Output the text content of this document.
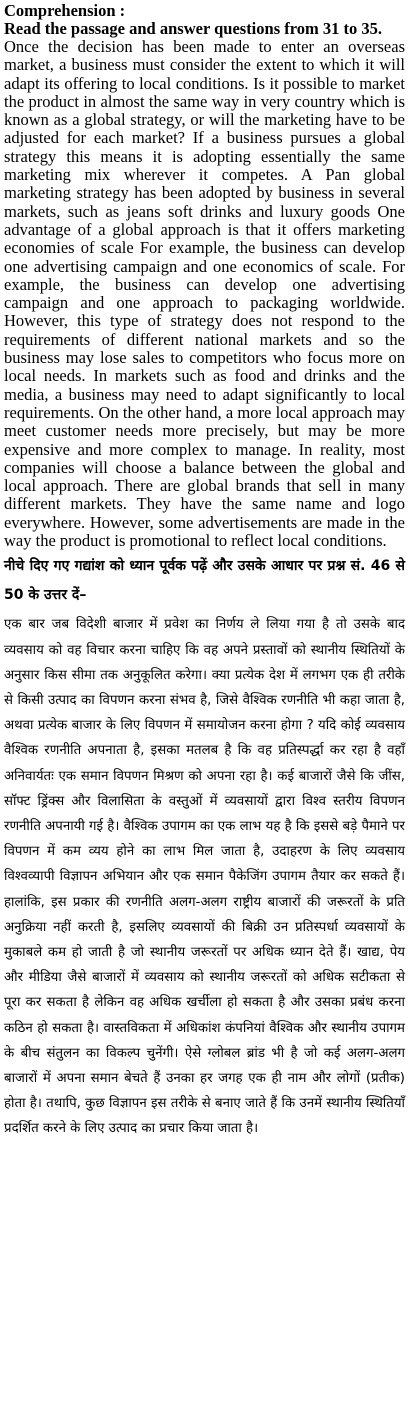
Comprehension :

Read the passage and answer questions from 31 to 35.

Once the decision has been made to enter an overseas market, a business must consider the extent to which it will adapt its offering to local conditions. Is it possible to market the product in almost the same way in very country which is known as a global strategy, or will the marketing have to be adjusted for each market? If a business pursues a global strategy this means it is adopting essentially the same marketing mix wherever it competes. A Pan global marketing strategy has been adopted by business in several markets, such as jeans soft drinks and luxury goods One advantage of a global approach is that it offers marketing economies of scale For example, the business can develop one advertising campaign and one economics of scale. For example, the business can develop one advertising campaign and one approach to packaging worldwide. However, this type of strategy does not respond to the requirements of different national markets and so the business may lose sales to competitors who focus more on local needs. In markets such as food and drinks and the media, a business may need to adapt significantly to local requirements. On the other hand, a more local approach may meet customer needs more precisely, but may be more expensive and more complex to manage. In reality, most companies will choose a balance between the global and local approach. There are global brands that sell in many different markets. They have the same name and logo everywhere. However, some advertisements are made in the way the product is promotional to reflect local conditions.

नीचे दिए गए गद्यांश को ध्यान पूर्वक पढ़ें और उसके आधार पर प्रश्न सं. 46 से 50 के उत्तर दें–

एक बार जब विदेशी बाजार में प्रवेश का निर्णय ले लिया गया है तो उसके बाद व्यवसाय को वह विचार करना चाहिए कि वह अपने प्रस्तावों को स्थानीय स्थितियों के अनुसार किस सीमा तक अनुकूलित करेगा। क्या प्रत्येक देश में लगभग एक ही तरीके से किसी उत्पाद का विपणन करना संभव है, जिसे वैश्विक रणनीति भी कहा जाता है, अथवा प्रत्येक बाजार के लिए विपणन में समायोजन करना होगा ? यदि कोई व्यवसाय वैश्विक रणनीति अपनाता है, इसका मतलब है कि वह प्रतिस्पर्द्धा कर रहा है वहाँ अनिवार्यतः एक समान विपणन मिश्रण को अपना रहा है। कई बाजारों जैसे कि जींस, सॉफ्ट ड्रिंक्स और विलासिता के वस्तुओं में व्यवसायों द्वारा विश्व स्तरीय विपणन रणनीति अपनायी गई है। वैश्विक उपागम का एक लाभ यह है कि इससे बड़े पैमाने पर विपणन में कम व्यय होने का लाभ मिल जाता है, उदाहरण के लिए व्यवसाय विश्वव्यापी विज्ञापन अभियान और एक समान पैकेजिंग उपागम तैयार कर सकते हैं। हालांकि, इस प्रकार की रणनीति अलग-अलग राष्ट्रीय बाजारों की जरूरतों के प्रति अनुक्रिया नहीं करती है, इसलिए व्यवसायों की बिक्री उन प्रतिस्पर्धा व्यवसायों के मुकाबले कम हो जाती है जो स्थानीय जरूरतों पर अधिक ध्यान देते हैं। खाद्य, पेय और मीडिया जैसे बाजारों में व्यवसाय को स्थानीय जरूरतों को अधिक सटीकता से पूरा कर सकता है लेकिन वह अधिक खर्चीला हो सकता है और उसका प्रबंध करना कठिन हो सकता है। वास्तविकता में अधिकांश कंपनियां वैश्विक और स्थानीय उपागम के बीच संतुलन का विकल्प चुनेंगी। ऐसे ग्लोबल ब्रांड भी है जो कई अलग-अलग बाजारों में अपना समान बेचते हैं उनका हर जगह एक ही नाम और लोगों (प्रतीक) होता है। तथापि, कुछ विज्ञापन इस तरीके से बनाए जाते हैं कि उनमें स्थानीय स्थितियाँ प्रदर्शित करने के लिए उत्पाद का प्रचार किया जाता है।
